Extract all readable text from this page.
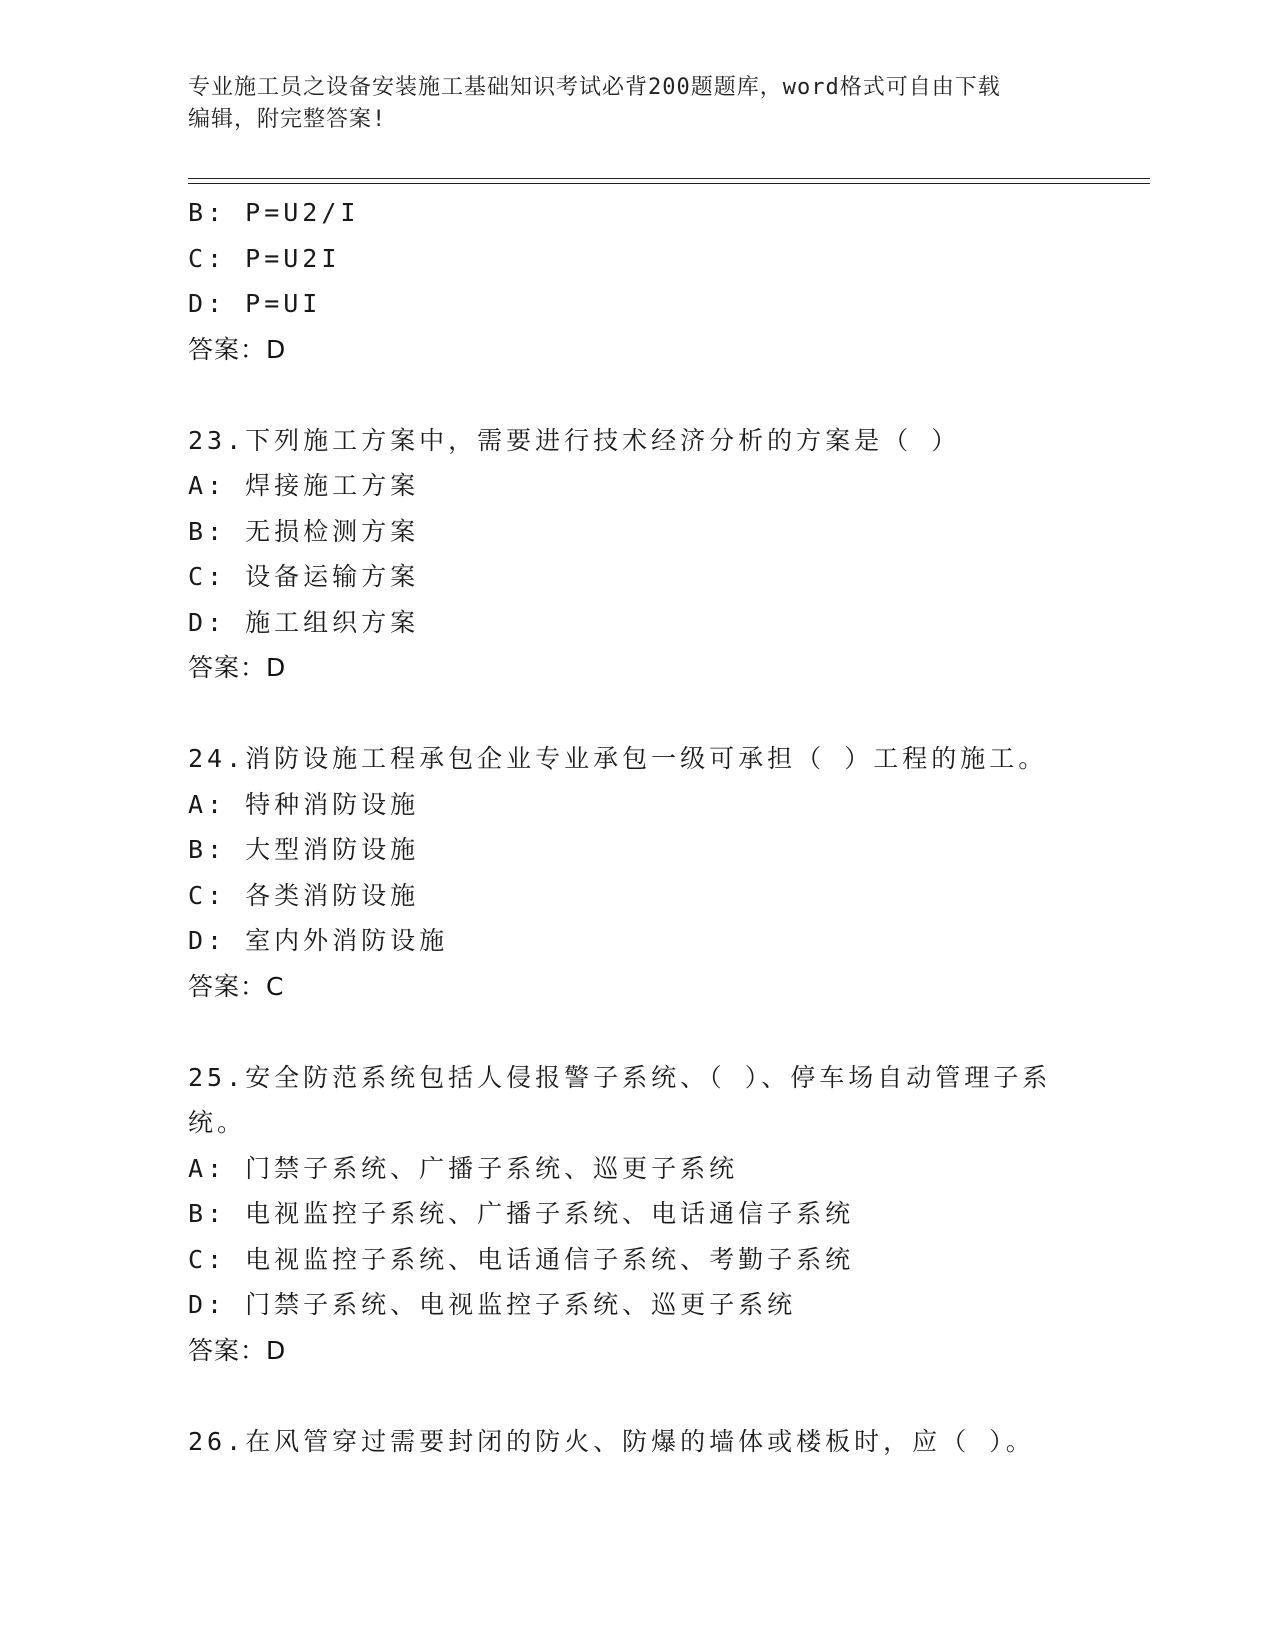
专业施工员之设备安装施工基础知识考试必背200题题库，word格式可自由下载
编辑，附完整答案!
B: P=U2/I
C: P=U2I
D: P=UI
答案：D
23.下列施工方案中，需要进行技术经济分析的方案是（ ）
A: 焊接施工方案
B: 无损检测方案
C: 设备运输方案
D: 施工组织方案
答案：D
24.消防设施工程承包企业专业承包一级可承担（ ）工程的施工。
A: 特种消防设施
B: 大型消防设施
C: 各类消防设施
D: 室内外消防设施
答案：C
25.安全防范系统包括人侵报警子系统、（ ）、停车场自动管理子系
统。
A: 门禁子系统、广播子系统、巡更子系统
B: 电视监控子系统、广播子系统、电话通信子系统
C: 电视监控子系统、电话通信子系统、考勤子系统
D: 门禁子系统、电视监控子系统、巡更子系统
答案：D
26.在风管穿过需要封闭的防火、防爆的墙体或楼板时，应（ ）。
